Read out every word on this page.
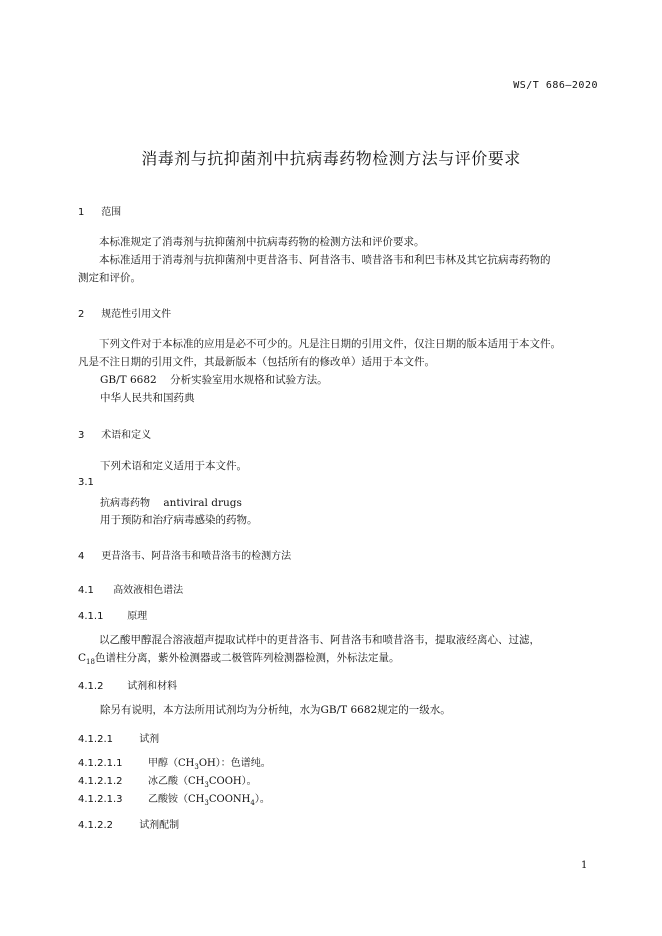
WS/T 686—2020
消毒剂与抗抑菌剂中抗病毒药物检测方法与评价要求
1 范围
本标准规定了消毒剂与抗抑菌剂中抗病毒药物的检测方法和评价要求。
本标准适用于消毒剂与抗抑菌剂中更昔洛韦、阿昔洛韦、喷昔洛韦和利巴韦林及其它抗病毒药物的
测定和评价。
2 规范性引用文件
下列文件对于本标准的应用是必不可少的。凡是注日期的引用文件，仅注日期的版本适用于本文件。
凡是不注日期的引用文件，其最新版本（包括所有的修改单）适用于本文件。
GB/T 6682 分析实验室用水规格和试验方法。
中华人民共和国药典
3 术语和定义
下列术语和定义适用于本文件。
3.1
抗病毒药物 antiviral drugs
用于预防和治疗病毒感染的药物。
4 更昔洛韦、阿昔洛韦和喷昔洛韦的检测方法
4.1 高效液相色谱法
4.1.1 原理
以乙酸甲醇混合溶液超声提取试样中的更昔洛韦、阿昔洛韦和喷昔洛韦，提取液经离心、过滤，
$C_{18}$色谱柱分离，紫外检测器或二极管阵列检测器检测，外标法定量。
4.1.2 试剂和材料
除另有说明，本方法所用试剂均为分析纯，水为GB/T 6682规定的一级水。
4.1.2.1	试剂
4.1.2.1.1	甲醇$(CH_3OH)$：色谱纯。
4.1.2.1.2	冰乙酸$(CH_3COOH)$。
4.1.2.1.3	乙酸铵$(CH_3COONH_4)$。
4.1.2.2	试剂配制
1
